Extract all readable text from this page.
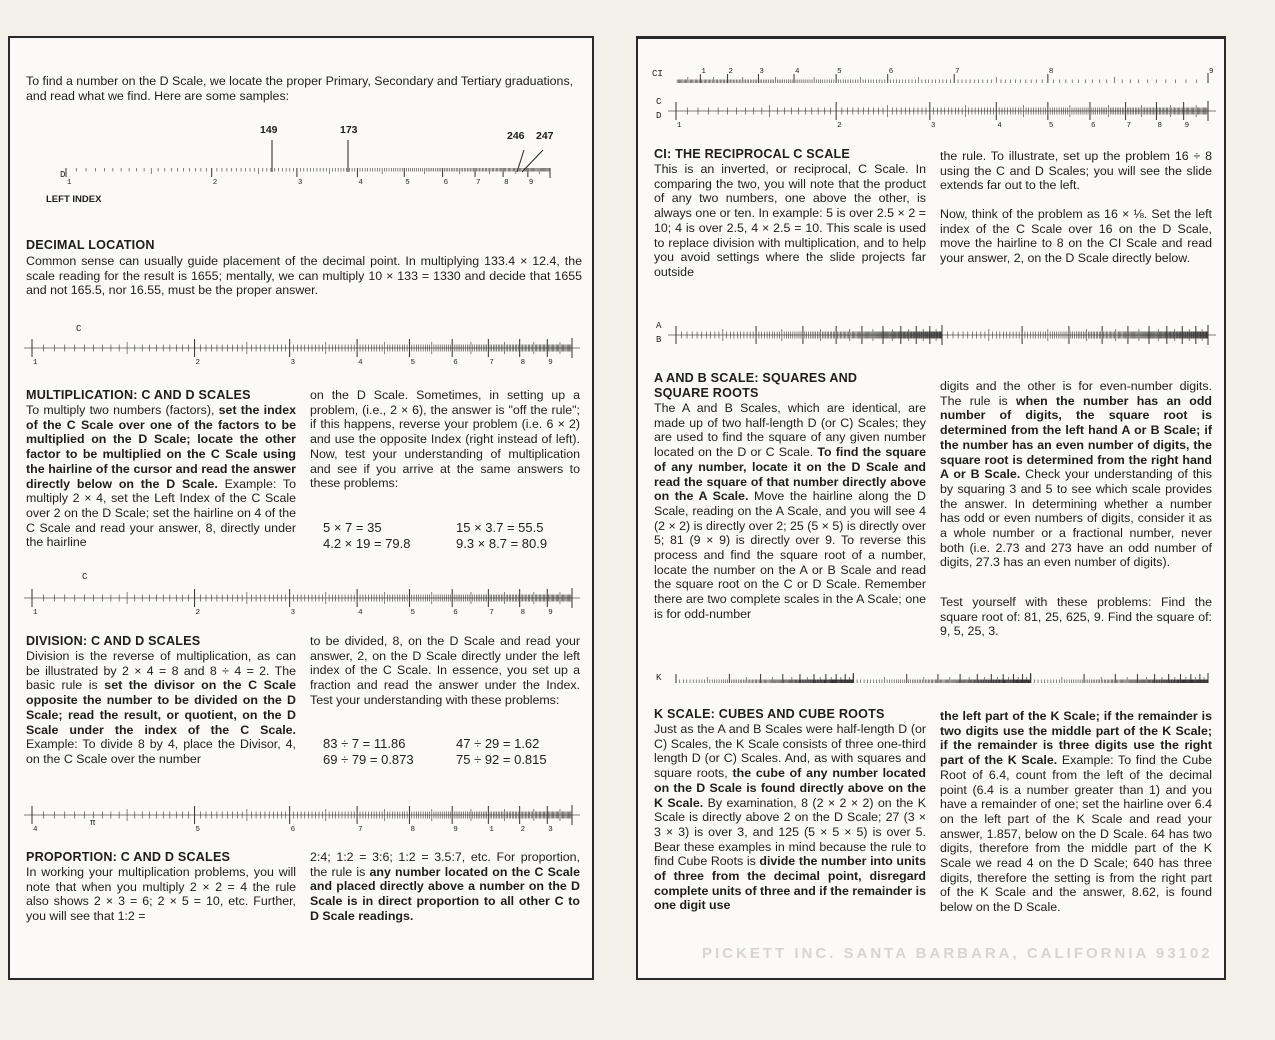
To find a number on the D Scale, we locate the proper Primary, Secondary and Tertiary graduations, and read what we find. Here are some samples:
149	173	246 247
1	2	3	4	5	6	7	8	9
D
LEFT INDEX
DECIMAL LOCATION
Common sense can usually guide placement of the decimal point. In multiplying 133.4 × 12.4, the scale reading for the result is 1655; mentally, we can multiply 10 × 133 = 1330 and decide that 1655 and not 165.5, nor 16.55, must be the proper answer.
C
1	2	3	4	5	6	7	8	9
MULTIPLICATION: C AND D SCALES
To multiply two numbers (factors), set the index of the C Scale over one of the factors to be multiplied on the D Scale; locate the other factor to be multiplied on the C Scale using the hairline of the cursor and read the answer directly below on the D Scale. Example: To multiply 2 × 4, set the Left Index of the C Scale over 2 on the D Scale; set the hairline on 4 of the C Scale and read your answer, 8, directly under the hairline
on the D Scale. Sometimes, in setting up a problem, (i.e., 2 × 6), the answer is "off the rule"; if this happens, reverse your problem (i.e. 6 × 2) and use the opposite Index (right instead of left). Now, test your understanding of multiplication and see if you arrive at the same answers to these problems:
5 × 7 = 35	15 × 3.7 = 55.5
4.2 × 19 = 79.8	9.3 × 8.7 = 80.9
C
1	2	3	4	5	6	7	8	9
DIVISION: C AND D SCALES
Division is the reverse of multiplication, as can be illustrated by 2 × 4 = 8 and 8 ÷ 4 = 2. The basic rule is set the divisor on the C Scale opposite the number to be divided on the D Scale; read the result, or quotient, on the D Scale under the index of the C Scale. Example: To divide 8 by 4, place the Divisor, 4, on the C Scale over the number
to be divided, 8, on the D Scale and read your answer, 2, on the D Scale directly under the left index of the C Scale. In essence, you set up a fraction and read the answer under the Index. Test your understanding with these problems:
83 ÷ 7 = 11.86	47 ÷ 29 = 1.62
69 ÷ 79 = 0.873	75 ÷ 92 = 0.815
4	5	6	7	8	9	1	2	3
π
PROPORTION: C AND D SCALES
In working your multiplication problems, you will note that when you multiply 2 × 2 = 4 the rule also shows 2 × 3 = 6; 2 × 5 = 10, etc. Further, you will see that 1:2 =
2:4; 1:2 = 3:6; 1:2 = 3.5:7, etc. For proportion, the rule is any number located on the C Scale and placed directly above a number on the D Scale is in direct proportion to all other C to D Scale readings.
CI	9
8
7
6
5
4
3
2
1
C
D
1	2	3	4	5	6	7	8	9
CI: THE RECIPROCAL C SCALE
This is an inverted, or reciprocal, C Scale. In comparing the two, you will note that the product of any two numbers, one above the other, is always one or ten. In example: 5 is over 2.5 × 2 = 10; 4 is over 2.5, 4 × 2.5 = 10. This scale is used to replace division with multiplication, and to help you avoid settings where the slide projects far outside
the rule. To illustrate, set up the problem 16 ÷ 8 using the C and D Scales; you will see the slide extends far out to the left.
Now, think of the problem as 16 × ⅛. Set the left index of the C Scale over 16 on the D Scale, move the hairline to 8 on the CI Scale and read your answer, 2, on the D Scale directly below.
A
B
A AND B SCALE: SQUARES AND
SQUARE ROOTS
The A and B Scales, which are identical, are made up of two half-length D (or C) Scales; they are used to find the square of any given number located on the D or C Scale. To find the square of any number, locate it on the D Scale and read the square of that number directly above on the A Scale. Move the hairline along the D Scale, reading on the A Scale, and you will see 4 (2 × 2) is directly over 2; 25 (5 × 5) is directly over 5; 81 (9 × 9) is directly over 9. To reverse this process and find the square root of a number, locate the number on the A or B Scale and read the square root on the C or D Scale. Remember there are two complete scales in the A Scale; one is for odd-number
digits and the other is for even-number digits. The rule is when the number has an odd number of digits, the square root is determined from the left hand A or B Scale; if the number has an even number of digits, the square root is determined from the right hand A or B Scale. Check your understanding of this by squaring 3 and 5 to see which scale provides the answer. In determining whether a number has odd or even numbers of digits, consider it as a whole number or a fractional number, never both (i.e. 2.73 and 273 have an odd number of digits, 27.3 has an even number of digits).
Test yourself with these problems: Find the square root of: 81, 25, 625, 9. Find the square of: 9, 5, 25, 3.
K
K SCALE: CUBES AND CUBE ROOTS
Just as the A and B Scales were half-length D (or C) Scales, the K Scale consists of three one-third length D (or C) Scales. And, as with squares and square roots, the cube of any number located on the D Scale is found directly above on the K Scale. By examination, 8 (2 × 2 × 2) on the K Scale is directly above 2 on the D Scale; 27 (3 × 3 × 3) is over 3, and 125 (5 × 5 × 5) is over 5. Bear these examples in mind because the rule to find Cube Roots is divide the number into units of three from the decimal point, disregard complete units of three and if the remainder is one digit use
the left part of the K Scale; if the remainder is two digits use the middle part of the K Scale; if the remainder is three digits use the right part of the K Scale. Example: To find the Cube Root of 6.4, count from the left of the decimal point (6.4 is a number greater than 1) and you have a remainder of one; set the hairline over 6.4 on the left part of the K Scale and read your answer, 1.857, below on the D Scale. 64 has two digits, therefore from the middle part of the K Scale we read 4 on the D Scale; 640 has three digits, therefore the setting is from the right part of the K Scale and the answer, 8.62, is found below on the D Scale.
PICKETT INC. SANTA BARBARA, CALIFORNIA 93102
